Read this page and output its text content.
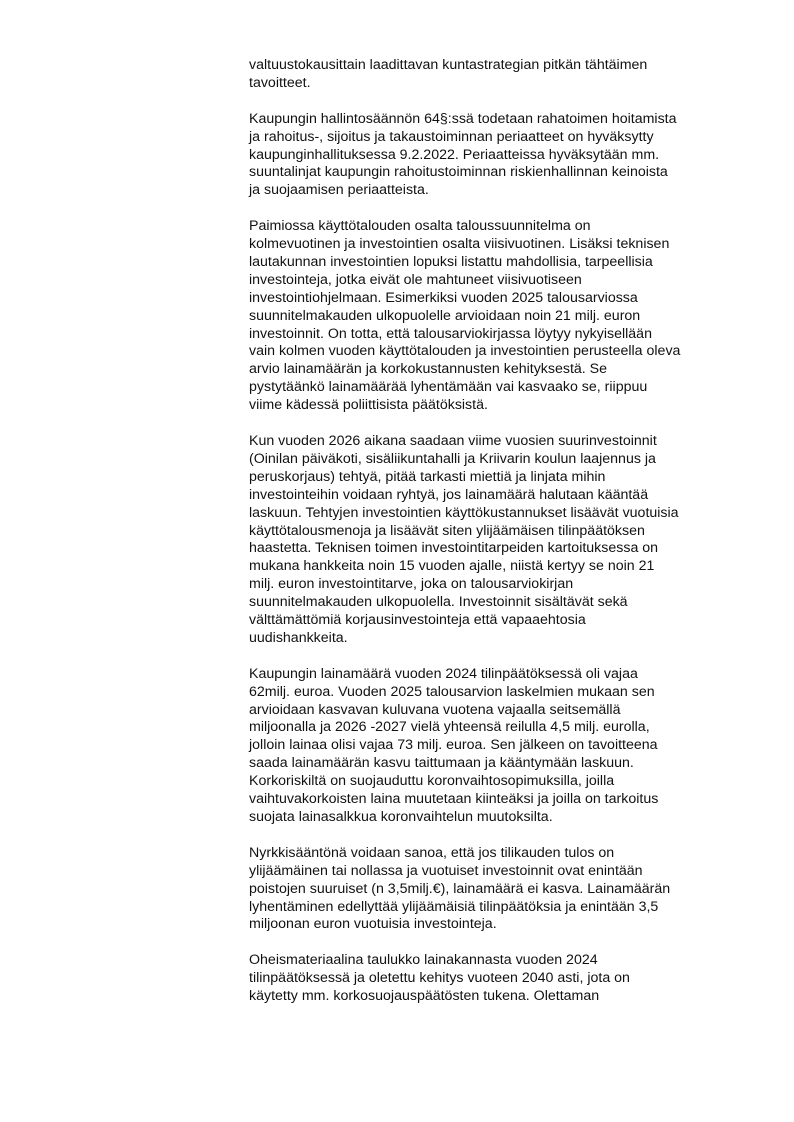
valtuustokausittain laadittavan kuntastrategian pitkän tähtäimen
tavoitteet.

Kaupungin hallintosäännön 64§:ssä todetaan rahatoimen hoitamista
ja rahoitus-, sijoitus ja takaustoiminnan periaatteet on hyväksytty
kaupunginhallituksessa 9.2.2022. Periaatteissa hyväksytään mm.
suuntalinjat kaupungin rahoitustoiminnan riskienhallinnan keinoista
ja suojaamisen periaatteista.

Paimiossa käyttötalouden osalta taloussuunnitelma on
kolmevuotinen ja investointien osalta viisivuotinen. Lisäksi teknisen
lautakunnan investointien lopuksi listattu mahdollisia, tarpeellisia
investointeja, jotka eivät ole mahtuneet viisivuotiseen
investointiohjelmaan. Esimerkiksi vuoden 2025 talousarviossa
suunnitelmakauden ulkopuolelle arvioidaan noin 21 milj. euron
investoinnit. On totta, että talousarviokirjassa löytyy nykyisellään
vain kolmen vuoden käyttötalouden ja investointien perusteella oleva
arvio lainamäärän ja korkokustannusten kehityksestä. Se
pystytäänkö lainamäärää lyhentämään vai kasvaako se, riippuu
viime kädessä poliittisista päätöksistä.

Kun vuoden 2026 aikana saadaan viime vuosien suurinvestoinnit
(Oinilan päiväkoti, sisäliikuntahalli ja Kriivarin koulun laajennus ja
peruskorjaus) tehtyä, pitää tarkasti miettiä ja linjata mihin
investointeihin voidaan ryhtyä, jos lainamäärä halutaan kääntää
laskuun. Tehtyjen investointien käyttökustannukset lisäävät vuotuisia
käyttötalousmenoja ja lisäävät siten ylijäämäisen tilinpäätöksen
haastetta. Teknisen toimen investointitarpeiden kartoituksessa on
mukana hankkeita noin 15 vuoden ajalle, niistä kertyy se noin 21
milj. euron investointitarve, joka on talousarviokirjan
suunnitelmakauden ulkopuolella. Investoinnit sisältävät sekä
välttämättömiä korjausinvestointeja että vapaaehtosia
uudishankkeita.

Kaupungin lainamäärä vuoden 2024 tilinpäätöksessä oli vajaa
62milj. euroa. Vuoden 2025 talousarvion laskelmien mukaan sen
arvioidaan kasvavan kuluvana vuotena vajaalla seitsemällä
miljoonalla ja 2026 -2027 vielä yhteensä reilulla 4,5 milj. eurolla,
jolloin lainaa olisi vajaa 73 milj. euroa. Sen jälkeen on tavoitteena
saada lainamäärän kasvu taittumaan ja kääntymään laskuun.
Korkoriskiltä on suojauduttu koronvaihtosopimuksilla, joilla
vaihtuvakorkoisten laina muutetaan kiinteäksi ja joilla on tarkoitus
suojata lainasalkkua koronvaihtelun muutoksilta.

Nyrkkisääntönä voidaan sanoa, että jos tilikauden tulos on
ylijäämäinen tai nollassa ja vuotuiset investoinnit ovat enintään
poistojen suuruiset (n 3,5milj.€), lainamäärä ei kasva. Lainamäärän
lyhentäminen edellyttää ylijäämäisiä tilinpäätöksia ja enintään 3,5
miljoonan euron vuotuisia investointeja.

Oheismateriaalina taulukko lainakannasta vuoden 2024
tilinpäätöksessä ja oletettu kehitys vuoteen 2040 asti, jota on
käytetty mm. korkosuojauspäätösten tukena. Olettaman
